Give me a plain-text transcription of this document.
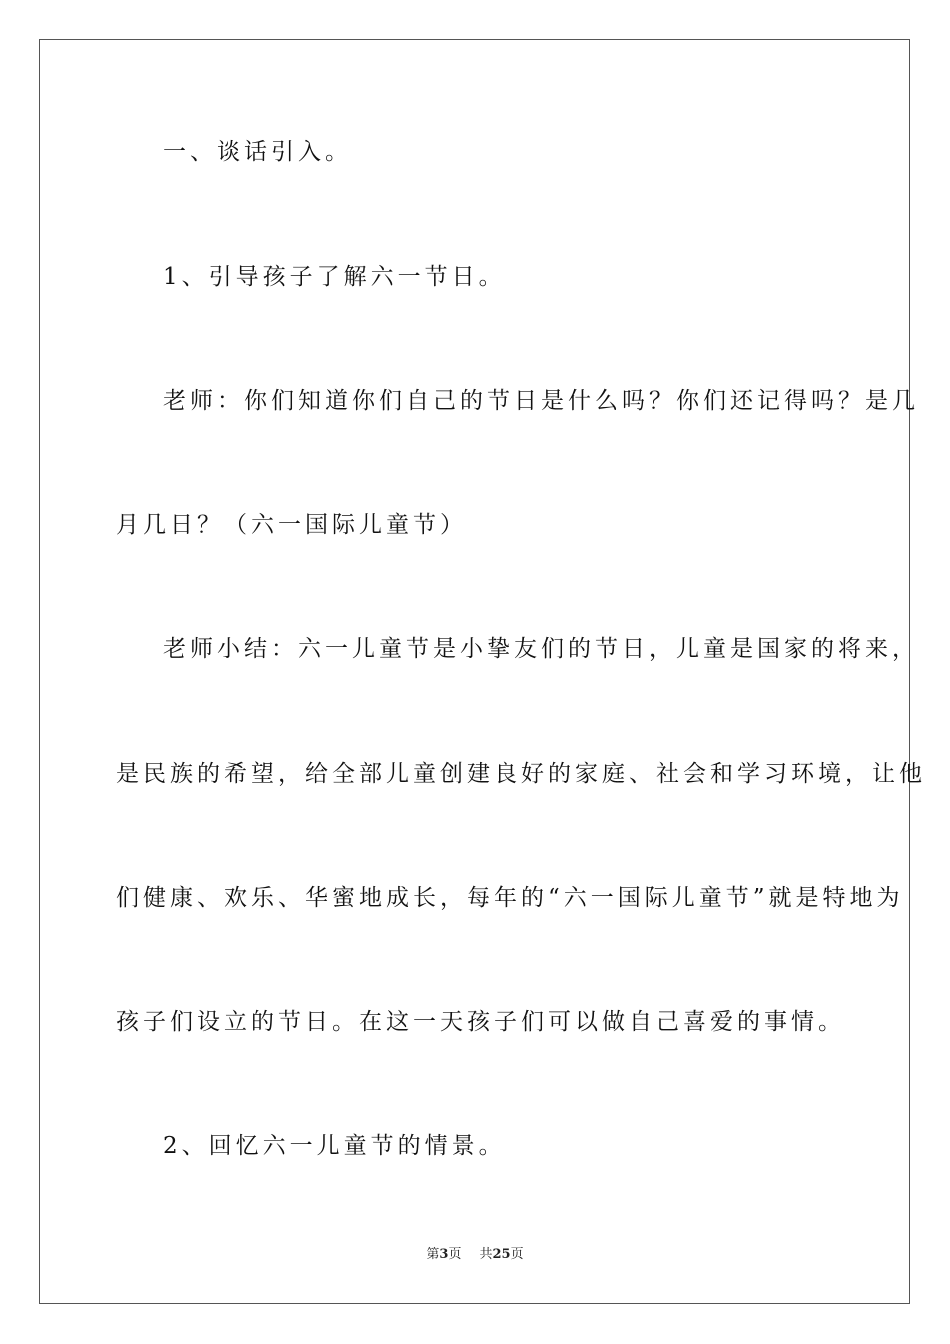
一、谈话引入。
1、引导孩子了解六一节日。
老师：你们知道你们自己的节日是什么吗？你们还记得吗？是几
月几日？（六一国际儿童节）
老师小结：六一儿童节是小挚友们的节日，儿童是国家的将来，
是民族的希望，给全部儿童创建良好的家庭、社会和学习环境，让他
们健康、欢乐、华蜜地成长，每年的“六一国际儿童节”就是特地为
孩子们设立的节日。在这一天孩子们可以做自己喜爱的事情。
2、回忆六一儿童节的情景。
第3页 共25页
